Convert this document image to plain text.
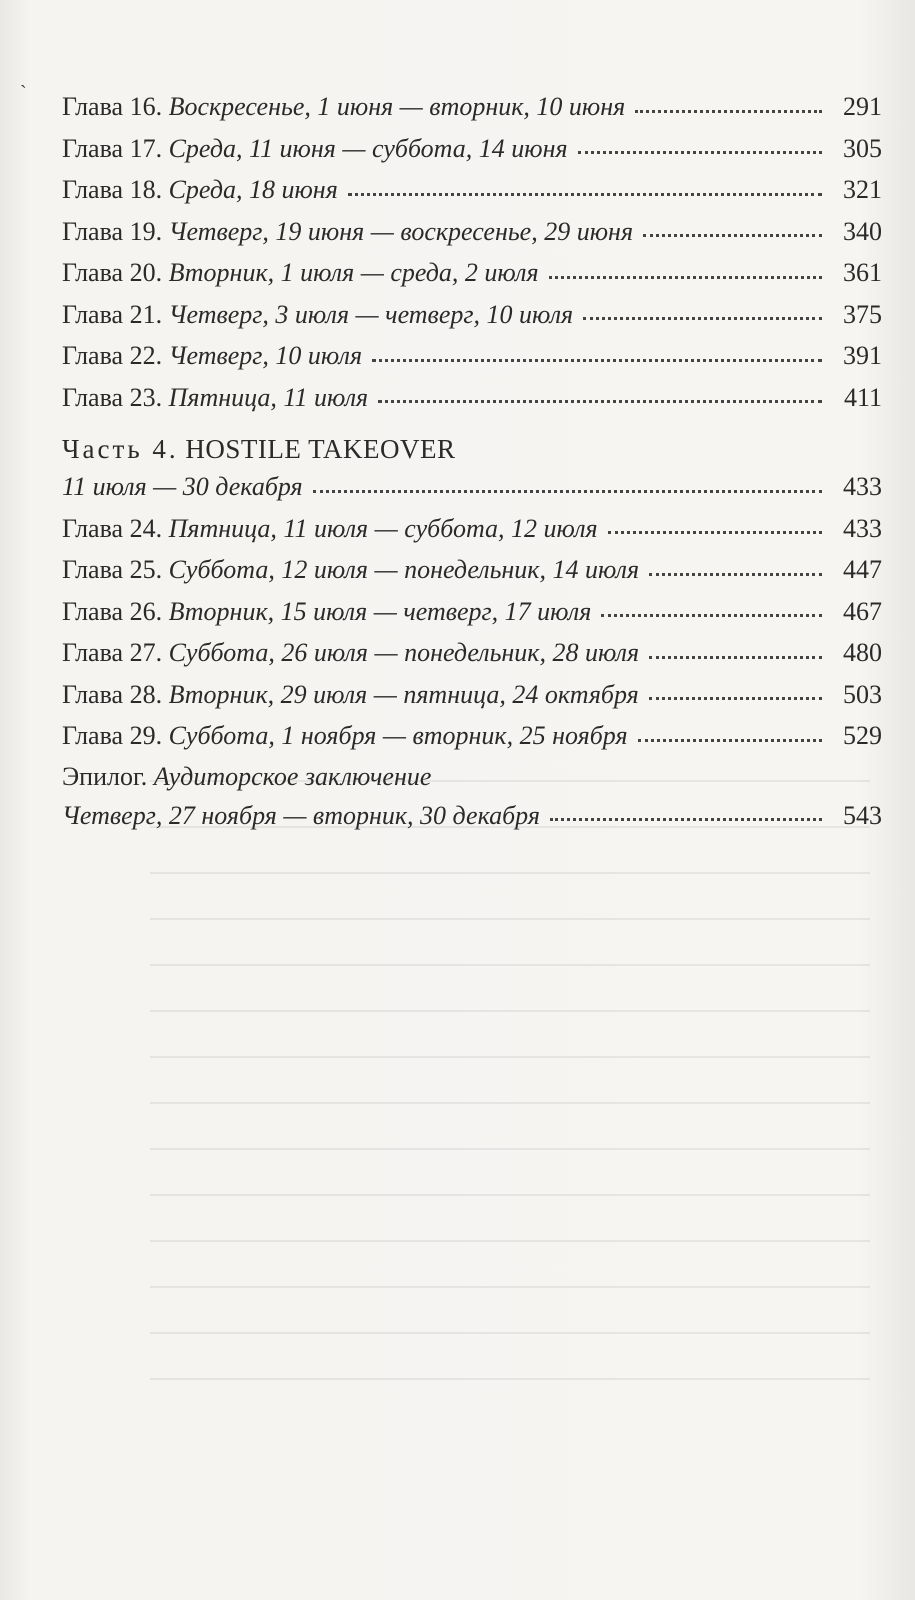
ˋ Глава 16. Воскресенье, 1 июня — вторник, 10 июня	291
Глава 17. Среда, 11 июня — суббота, 14 июня	305
Глава 18. Среда, 18 июня	321
Глава 19. Четверг, 19 июня — воскресенье, 29 июня	340
Глава 20. Вторник, 1 июля — среда, 2 июля	361
Глава 21. Четверг, 3 июля — четверг, 10 июля	375
Глава 22. Четверг, 10 июля	391
Глава 23. Пятница, 11 июля	411
Часть 4. HOSTILE TAKEOVER
11 июля — 30 декабря	433
Глава 24. Пятница, 11 июля — суббота, 12 июля	433
Глава 25. Суббота, 12 июля — понедельник, 14 июля	447
Глава 26. Вторник, 15 июля — четверг, 17 июля	467
Глава 27. Суббота, 26 июля — понедельник, 28 июля	480
Глава 28. Вторник, 29 июля — пятница, 24 октября	503
Глава 29. Суббота, 1 ноября — вторник, 25 ноября	529
Эпилог. Аудиторское заключение
Четверг, 27 ноября — вторник, 30 декабря	543
